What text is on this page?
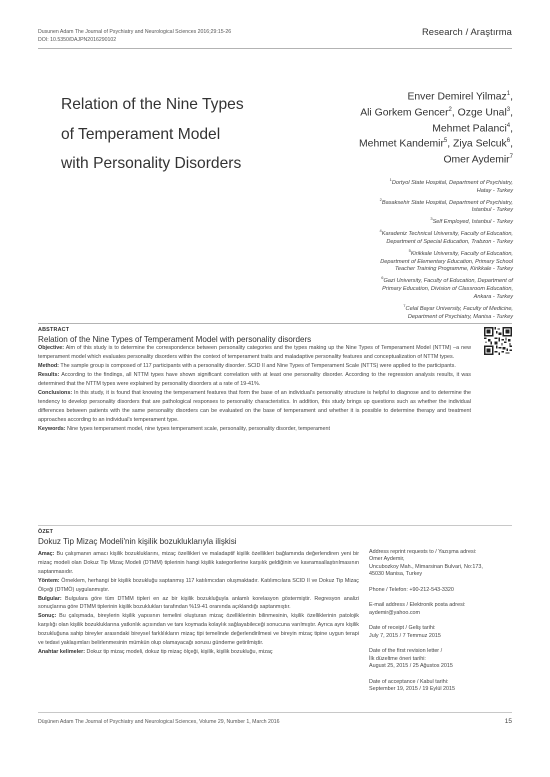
Dusunen Adam The Journal of Psychiatry and Neurological Sciences 2016;29:15-26
DOI: 10.5350/DAJPN2016290102
Research / Araştırma
Relation of the Nine Types
of Temperament Model
with Personality Disorders
Enver Demirel Yilmaz$^1$,
Ali Gorkem Gencer$^2$, Ozge Unal$^3$,
Mehmet Palanci$^4$,
Mehmet Kandemir$^5$, Ziya Selcuk$^6$,
Omer Aydemir$^7$
$^1$Dortyol State Hospital, Department of Psychiatry,
Hatay - Turkey
$^2$Basaksehir State Hospital, Department of Psychiatry,
Istanbul - Turkey
$^3$Self Employed, Istanbul - Turkey
$^4$Karadeniz Technical University, Faculty of Education,
Department of Special Education, Trabzon - Turkey
$^5$Kirikkale University, Faculty of Education,
Department of Elementary Education, Primary School
Teacher Training Programme, Kirikkale - Turkey
$^6$Gazi University, Faculty of Education, Department of
Primary Education, Division of Classroom Education,
Ankara - Turkey
$^7$Celal Bayar University, Faculty of Medicine,
Department of Psychiatry, Manisa - Turkey
ABSTRACT
Relation of the Nine Types of Temperament Model with personality disorders

Objective: Aim of this study is to determine the correspondence between personality categories and the types making up the Nine Types of Temperament Model (NTTM) –a new temperament model which evaluates personality disorders within the context of temperament traits and maladaptive personality features and conceptualization of NTTM types.

Method: The sample group is composed of 117 participants with a personality disorder. SCID II and Nine Types of Temperament Scale (NTTS) were applied to the participants.

Results: According to the findings, all NTTM types have shown significant correlation with at least one personality disorder. According to the regression analysis results, it was determined that the NTTM types were explained by personality disorders at a rate of 19-41%.

Conclusions: In this study, it is found that knowing the temperament features that form the base of an individual's personality structure is helpful to diagnose and to determine the tendency to develop personality disorders that are pathological responses to personality characteristics. In addition, this study brings up questions such as whether the individual differences between patients with the same personality disorders can be evaluated on the base of temperament and whether it is possible to determine therapy and treatment approaches according to an individual's temperament type.

Keywords: Nine types temperament model, nine types temperament scale, personality, personality disorder, temperament

ÖZET
Dokuz Tip Mizaç Modeli'nin kişilik bozukluklarıyla ilişkisi

Amaç: Bu çalışmanın amacı kişilik bozukluklarını, mizaç özellikleri ve maladaptif kişilik özellikleri bağlamında değerlendiren yeni bir mizaç modeli olan Dokuz Tip Mizaç Modeli (DTMM) tiplerinin hangi kişilik kategorilerine karşılık geldiğinin ve kavramsallaştırılmasının saptanmasıdır.

Yöntem: Örneklem, herhangi bir kişilik bozukluğu saptanmış 117 katılımcıdan oluşmaktadır. Katılımcılara SCID II ve Dokuz Tip Mizaç Ölçeği (DTMÖ) uygulanmıştır.

Bulgular: Bulgulara göre tüm DTMM tipleri en az bir kişilik bozukluğuyla anlamlı korelasyon göstermiştir. Regresyon analizi sonuçlarına göre DTMM tiplerinin kişilik bozuklukları tarafından %19-41 oranında açıklandığı saptanmıştır.

Sonuç: Bu çalışmada, bireylerin kişilik yapısının temelini oluşturan mizaç özelliklerinin bilinmesinin, kişilik özelliklerinin patolojik karşılığı olan kişilik bozukluklarına yatkınlık açısından ve tanı koymada kolaylık sağlayabileceği sonucuna varılmıştır. Ayrıca aynı kişilik bozukluğuna sahip bireyler arasındaki bireysel farklılıkların mizaç tipi temelinde değerlendirilmesi ve bireyin mizaç tipine uygun terapi ve tedavi yaklaşımları belirlenmesinin mümkün olup olamayacağı sorusu gündeme getirilmiştir.

Anahtar kelimeler: Dokuz tip mizaç modeli, dokuz tip mizaç ölçeği, kişilik, kişilik bozukluğu, mizaç

Address reprint requests to / Yazışma adresi:
Omer Aydemir,
Uncubozkoy Mah., Mimarsinan Bulvari, No:173,
45030 Manisa, Turkey

Phone / Telefon: +90-212-543-3320

E-mail address / Elektronik posta adresi:
aydemir@yahoo.com

Date of receipt / Geliş tarihi:
July 7, 2015 / 7 Temmuz 2015

Date of the first revision letter /
İlk düzeltme öneri tarihi:
August 25, 2015 / 25 Ağustos 2015

Date of acceptance / Kabul tarihi:
September 19, 2015 / 19 Eylül 2015

Düşünen Adam The Journal of Psychiatry and Neurological Sciences, Volume 29, Number 1, March 2016	15
